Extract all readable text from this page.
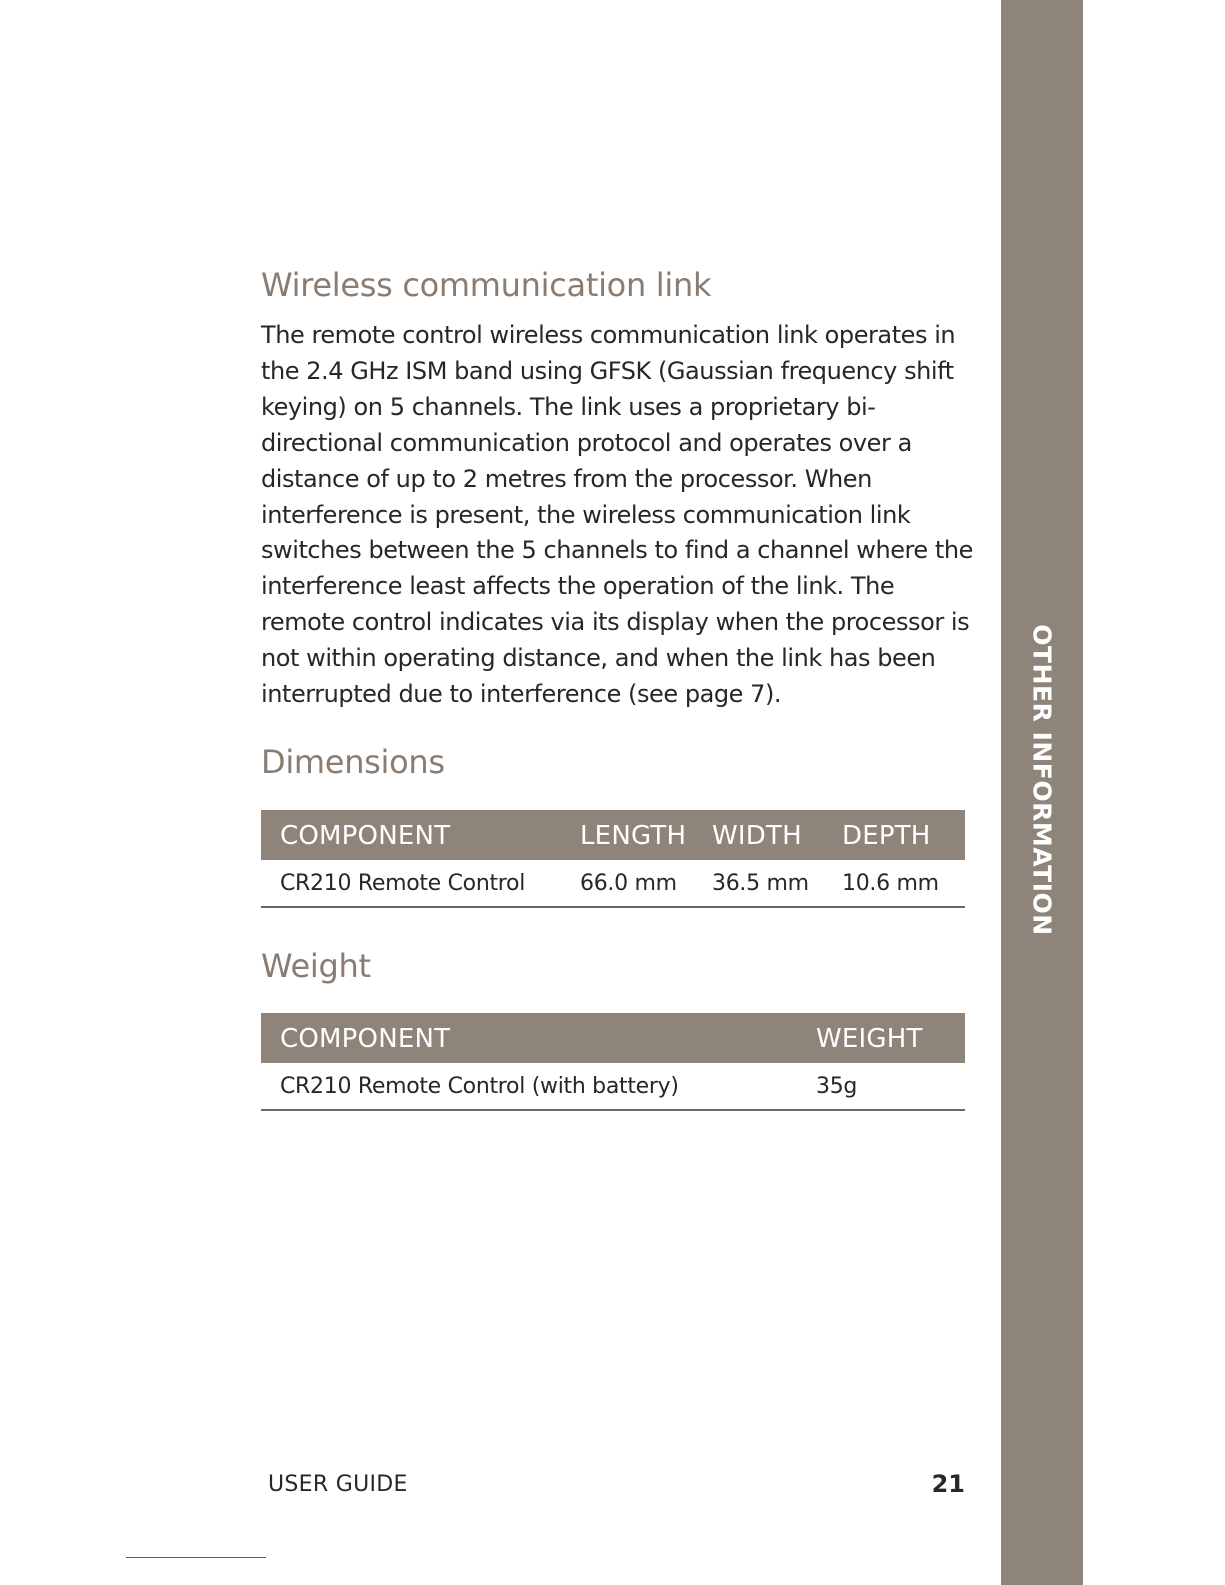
OTHER INFORMATION
Wireless communication link

The remote control wireless communication link operates in the 2.4 GHz ISM band using GFSK (Gaussian frequency shift keying) on 5 channels. The link uses a proprietary bi-directional communication protocol and operates over a distance of up to 2 metres from the processor. When interference is present, the wireless communication link switches between the 5 channels to find a channel where the interference least affects the operation of the link. The remote control indicates via its display when the processor is not within operating distance, and when the link has been interrupted due to interference (see page 7).

Dimensions
COMPONENT	LENGTH WIDTH DEPTH
CR210 Remote Control 66.0 mm 36.5 mm 10.6 mm
Weight
COMPONENT	WEIGHT
CR210 Remote Control (with battery)	35g
USER GUIDE	21
